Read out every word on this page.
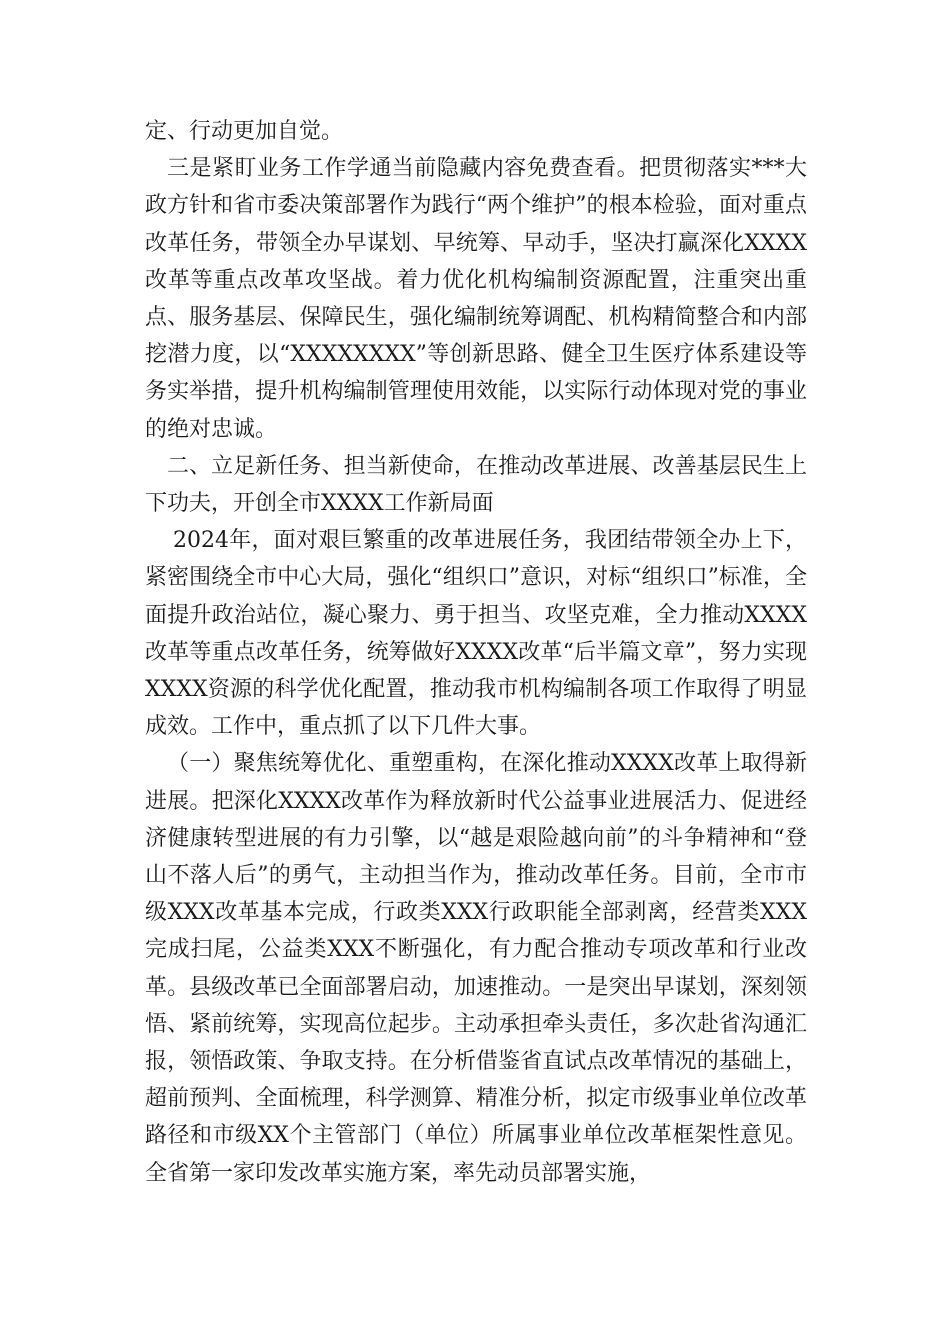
定、行动更加自觉。

三是紧盯业务工作学通当前隐藏内容免费查看。把贯彻落实***大政方针和省市委决策部署作为践行“两个维护”的根本检验，面对重点改革任务，带领全办早谋划、早统筹、早动手，坚决打赢深化XXXX改革等重点改革攻坚战。着力优化机构编制资源配置，注重突出重点、服务基层、保障民生，强化编制统筹调配、机构精简整合和内部挖潜力度，以“XXXXXXXX”等创新思路、健全卫生医疗体系建设等务实举措，提升机构编制管理使用效能，以实际行动体现对党的事业的绝对忠诚。

二、立足新任务、担当新使命，在推动改革进展、改善基层民生上下功夫，开创全市XXXX工作新局面

2024年，面对艰巨繁重的改革进展任务，我团结带领全办上下，紧密围绕全市中心大局，强化“组织口”意识，对标“组织口”标准，全面提升政治站位，凝心聚力、勇于担当、攻坚克难，全力推动XXXX改革等重点改革任务，统筹做好XXXX改革“后半篇文章”，努力实现XXXX资源的科学优化配置，推动我市机构编制各项工作取得了明显成效。工作中，重点抓了以下几件大事。

（一）聚焦统筹优化、重塑重构，在深化推动XXXX改革上取得新进展。把深化XXXX改革作为释放新时代公益事业进展活力、促进经济健康转型进展的有力引擎，以“越是艰险越向前”的斗争精神和“登山不落人后”的勇气，主动担当作为，推动改革任务。目前，全市市级XXX改革基本完成，行政类XXX行政职能全部剥离，经营类XXX完成扫尾，公益类XXX不断强化，有力配合推动专项改革和行业改革。县级改革已全面部署启动，加速推动。一是突出早谋划，深刻领悟、紧前统筹，实现高位起步。主动承担牵头责任，多次赴省沟通汇报，领悟政策、争取支持。在分析借鉴省直试点改革情况的基础上，超前预判、全面梳理，科学测算、精准分析，拟定市级事业单位改革路径和市级XX个主管部门（单位）所属事业单位改革框架性意见。全省第一家印发改革实施方案，率先动员部署实施，
